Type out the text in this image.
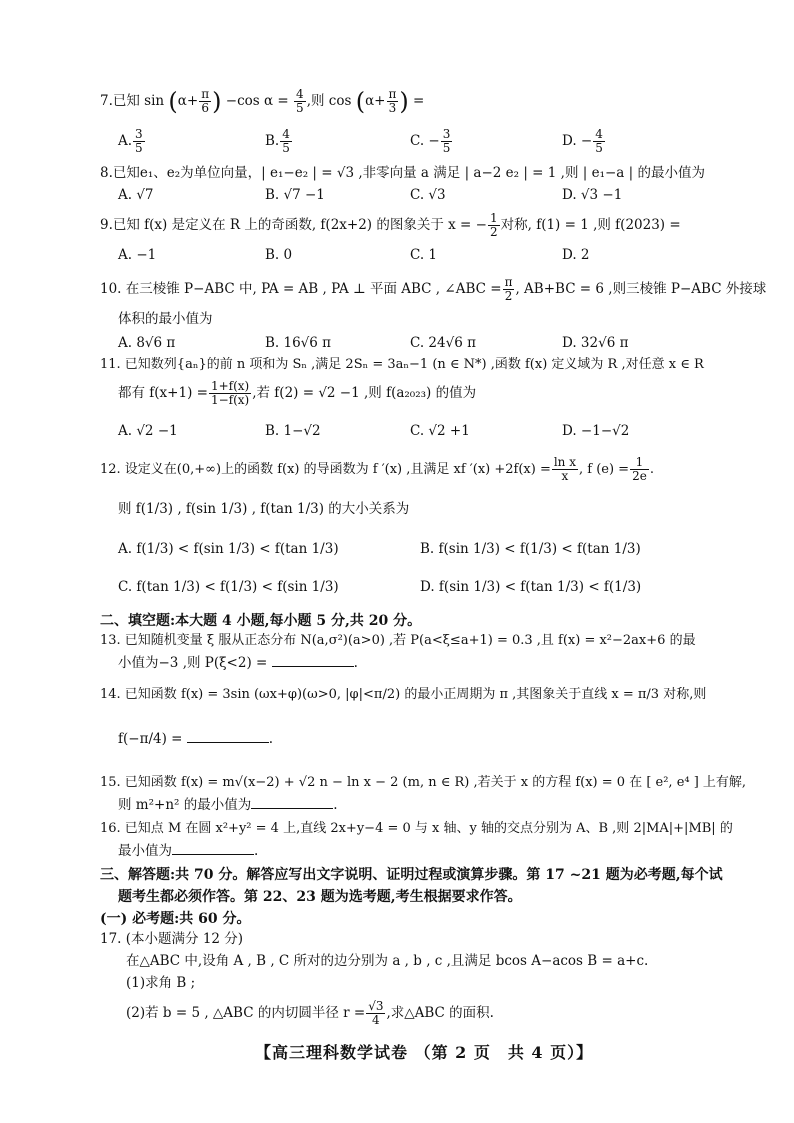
7.已知 $\sin (\alpha+ \frac{\pi}{6}$ ) −cos $\alpha = \frac{4}{5}$ ,则 $\cos (\alpha+ \frac{\pi}{3}$ ) =
A. $\frac{3}{5}$	B. $\frac{4}{5}$	C. − $\frac{3}{5}$	D. − $\frac{4}{5}$
8.已知e₁、e₂为单位向量，| e₁−e₂ | = √3 ,非零向量 a 满足 | a−2 e₂ | = 1 ,则 | e₁−a | 的最小值为
A. √7	B. √7 −1	C. √3	D. √3 −1
9.已知 f(x) 是定义在 R 上的奇函数, f(2x+2) 的图象关于 x = − $\frac{1}{2}$ 对称, f(1) = 1 ,则 f(2023) =
A. −1	B. 0	C. 1	D. 2
10. 在三棱锥 P−ABC 中, PA = AB , PA ⊥ 平面 ABC , ∠ABC = $\frac{\pi}{2}$ , AB+BC = 6 ,则三棱锥 P−ABC 外接球
体积的最小值为
A. 8√6 π	B. 16√6 π	C. 24√6 π	D. 32√6 π
11. 已知数列{aₙ}的前 n 项和为 Sₙ ,满足 2Sₙ = 3aₙ−1 (n ∈ N*) ,函数 f(x) 定义域为 R ,对任意 x ∈ R
都有 $f(x+1) = \frac{1+f(x)}{1-f(x)}$ ,若 f(2) = √2 −1 ,则 f(a₂₀₂₃) 的值为
A. √2 −1	B. 1−√2	C. √2 +1	D. −1−√2
12. 设定义在(0,+∞)上的函数 f(x) 的导函数为 f ′(x) ,且满足 xf $'(x) +2f(x) = \frac{\text{ln x}}{x}$ , f $(e) = \frac{1}{2e}$ .
则 f(1/3) , f(sin 1/3) , f(tan 1/3) 的大小关系为
A. f(1/3) < f(sin 1/3) < f(tan 1/3)	B. f(sin 1/3) < f(1/3) < f(tan 1/3)
C. f(tan 1/3) < f(1/3) < f(sin 1/3)	D. f(sin 1/3) < f(tan 1/3) < f(1/3)
二、填空题:本大题 4 小题,每小题 5 分,共 20 分。
13. 已知随机变量 ξ 服从正态分布 N(a,σ²)(a>0) ,若 P(a<ξ≤a+1) = 0.3 ,且 f(x) = x²−2ax+6 的最
小值为−3 ,则 P(ξ<2) =	.
14. 已知函数 f(x) = 3sin (ωx+φ)(ω>0, |φ|<π/2) 的最小正周期为 π ,其图象关于直线 x = π/3 对称,则
f(−π/4) =	.
15. 已知函数 f(x) = m√(x−2) + √2 n − ln x − 2 (m, n ∈ R) ,若关于 x 的方程 f(x) = 0 在 [ e², e⁴ ] 上有解,
则 m²+n² 的最小值为	.
16. 已知点 M 在圆 x²+y² = 4 上,直线 2x+y−4 = 0 与 x 轴、y 轴的交点分别为 A、B ,则 2|MA|+|MB| 的
最小值为	.
三、解答题:共 70 分。解答应写出文字说明、证明过程或演算步骤。第 17 ~21 题为必考题,每个试
题考生都必须作答。第 22、23 题为选考题,考生根据要求作答。
(一) 必考题:共 60 分。
17. (本小题满分 12 分)
在△ABC 中,设角 A , B , C 所对的边分别为 a , b , c ,且满足 bcos A−acos B = a+c.
(1)求角 B ;
(2)若 b = 5 , △ABC 的内切圆半径 $r = \frac{√3}{4}$ ,求△ABC 的面积.
【高三理科数学试卷 （第 2 页　共 4 页）】
